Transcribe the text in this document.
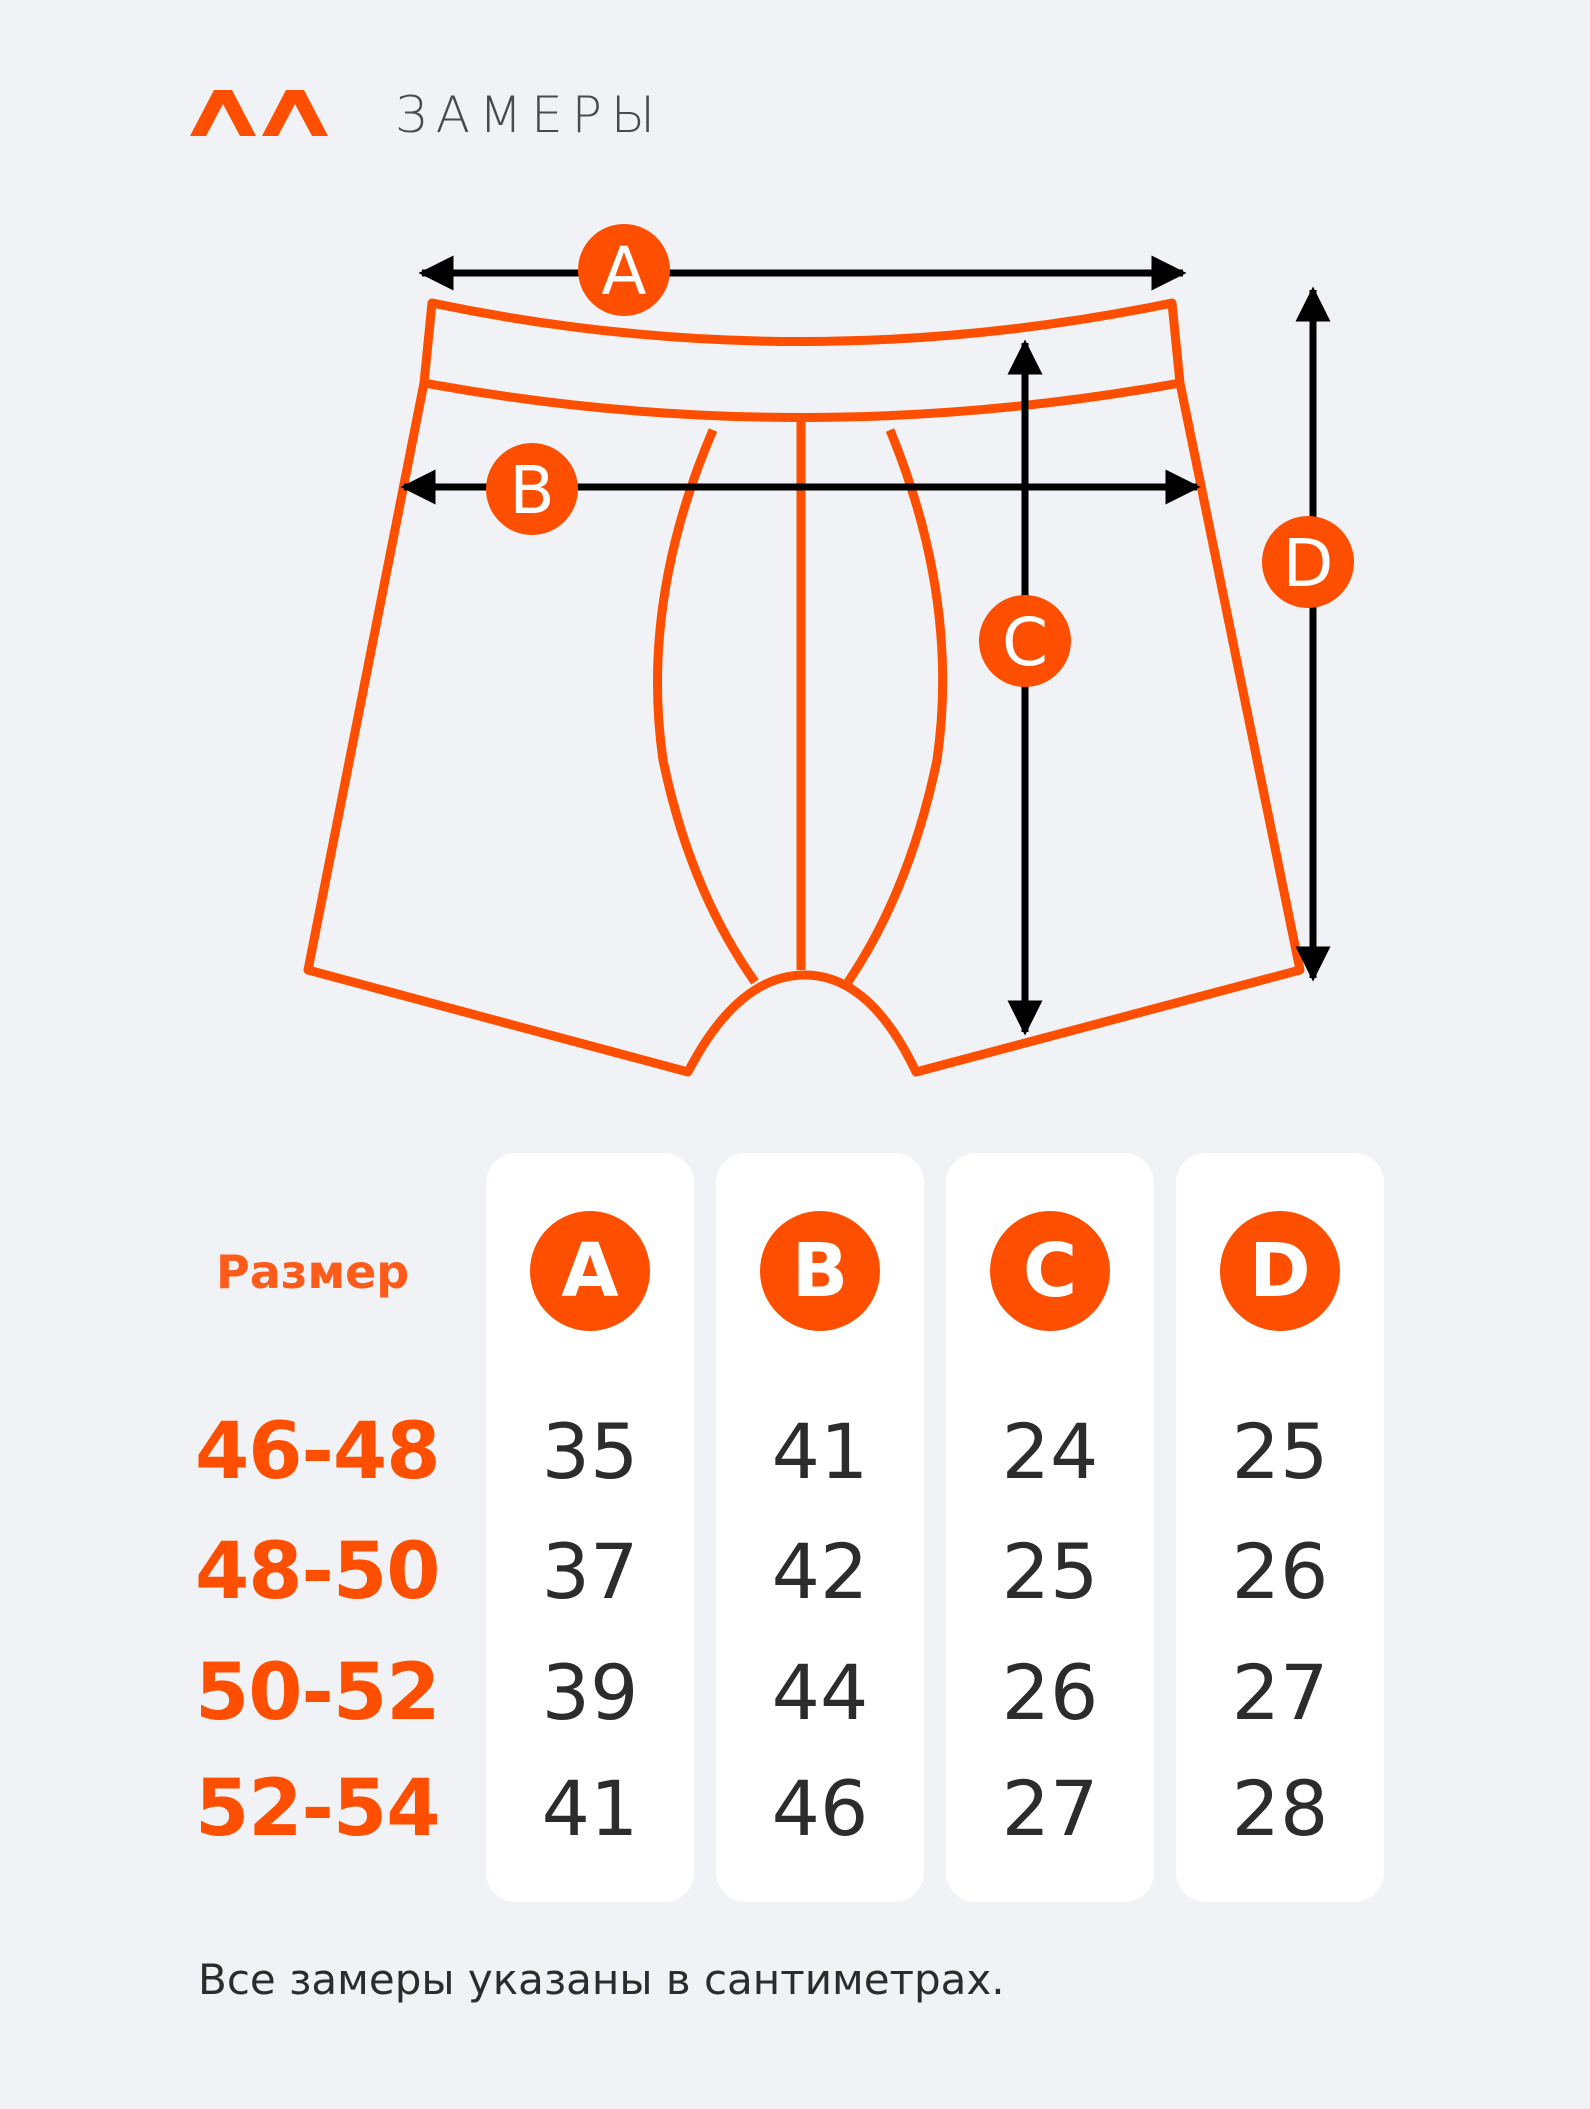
ЗАМЕРЫ
A
B
C
D
Размер
46-48
48-50
50-52
52-54
A
35
37
39
41
B
41
42
44
46
C
24
25
26
27
D
25
26
27
28
Все замеры указаны в сантиметрах.
